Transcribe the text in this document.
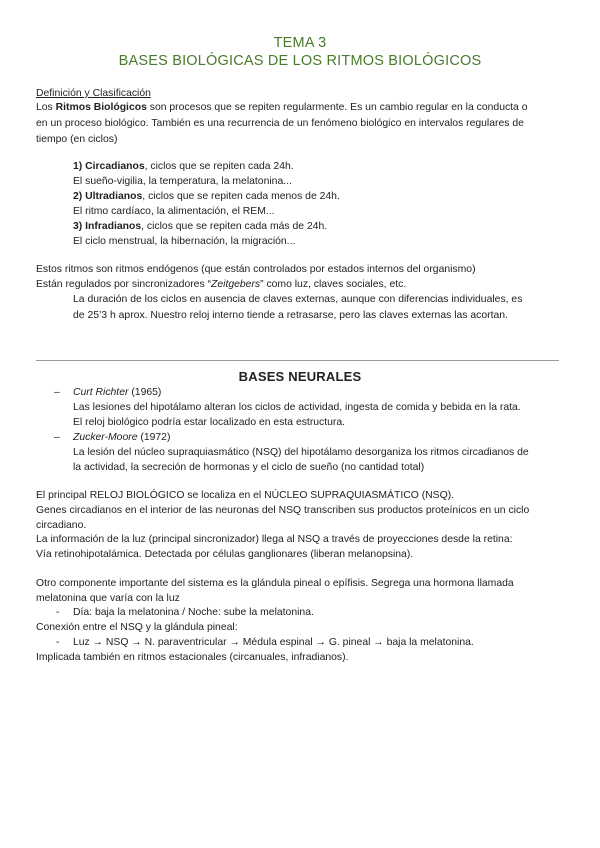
TEMA 3
BASES BIOLÓGICAS DE LOS RITMOS BIOLÓGICOS
Definición y Clasificación
Los Ritmos Biológicos son procesos que se repiten regularmente. Es un cambio regular en la conducta o
en un proceso biológico. También es una recurrencia de un fenómeno biológico en intervalos regulares de
tiempo (en ciclos)
1) Circadianos, ciclos que se repiten cada 24h.
El sueño-vigilia, la temperatura, la melatonina...
2) Ultradianos, ciclos que se repiten cada menos de 24h.
El ritmo cardíaco, la alimentación, el REM...
3) Infradianos, ciclos que se repiten cada más de 24h.
El ciclo menstrual, la hibernación, la migración...
Estos ritmos son ritmos endógenos (que están controlados por estados internos del organismo)
Están regulados por sincronizadores “Zeitgebers” como luz, claves sociales, etc.
La duración de los ciclos en ausencia de claves externas, aunque con diferencias individuales, es
de 25’3 h aprox. Nuestro reloj interno tiende a retrasarse, pero las claves externas las acortan.
BASES NEURALES
– Curt Richter (1965)
Las lesiones del hipotálamo alteran los ciclos de actividad, ingesta de comida y bebida en la rata.
El reloj biológico podría estar localizado en esta estructura.
– Zucker-Moore (1972)
La lesión del núcleo supraquiasmático (NSQ) del hipotálamo desorganiza los ritmos circadianos de
la actividad, la secreción de hormonas y el ciclo de sueño (no cantidad total)
El principal RELOJ BIOLÓGICO se localiza en el NÚCLEO SUPRAQUIASMÁTICO (NSQ).
Genes circadianos en el interior de las neuronas del NSQ transcriben sus productos proteínicos en un ciclo
circadiano.
La información de la luz (principal sincronizador) llega al NSQ a través de proyecciones desde la retina:
Vía retinohipotalámica. Detectada por células ganglionares (liberan melanopsina).
Otro componente importante del sistema es la glándula pineal o epífisis. Segrega una hormona llamada
melatonina que varía con la luz
- Día: baja la melatonina / Noche: sube la melatonina.
Conexión entre el NSQ y la glándula pineal:
- Luz → NSQ → N. paraventricular → Médula espinal → G. pineal → baja la melatonina.
Implicada también en ritmos estacionales (circanuales, infradianos).
